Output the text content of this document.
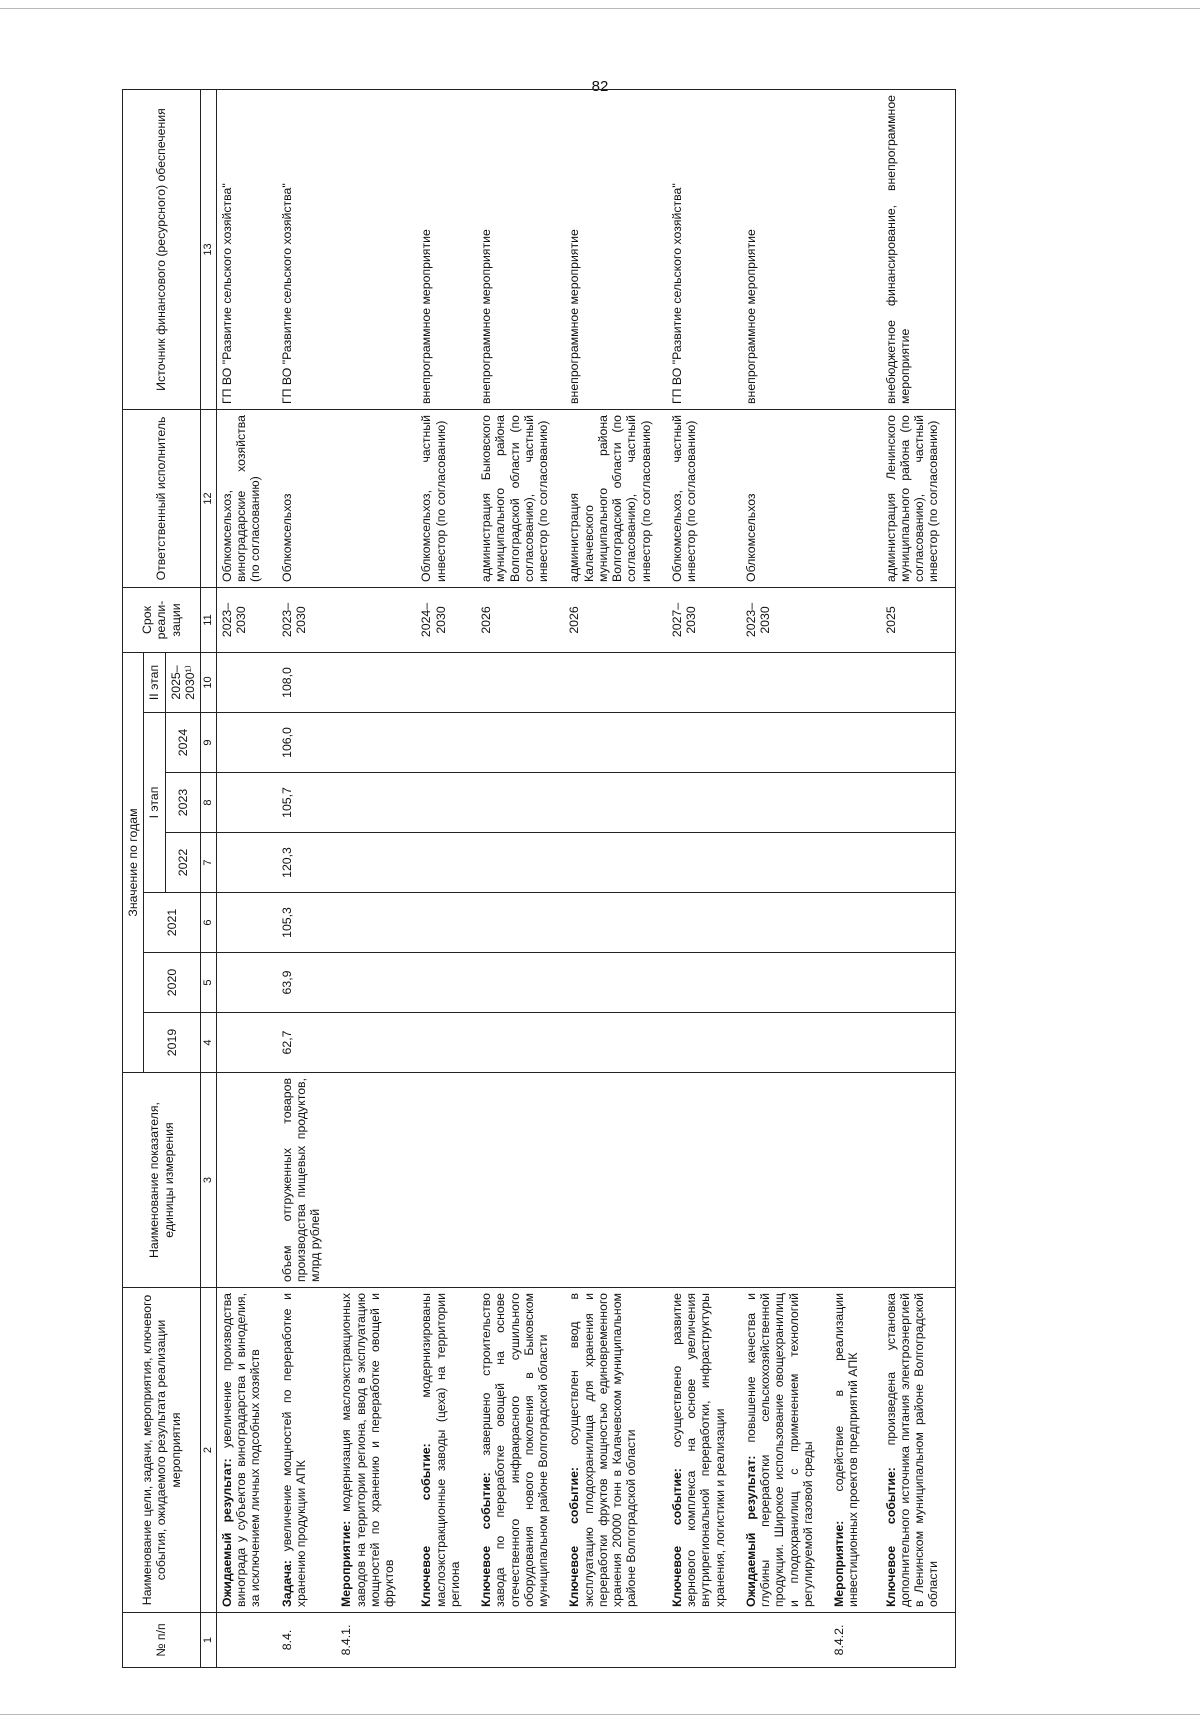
82
№ п/п	Наименование цели, задачи, мероприятия, ключевого события, ожидаемого результата реализации мероприятия	Наименование показателя, единицы измерения	Значение по годам							Срок реали-зации	Ответственный исполнитель	Источник финансового (ресурсного) обеспечения
			2019	2020	2021	I этап			II этап			
						2022	2023	2024	2025–2030¹⁾			
1	2	3	4	5	6	7	8	9	10	11	12	13
	Ожидаемый результат: увеличение производства винограда у субъектов виноградарства и виноделия, за исключением личных подсобных хозяйств									2023–2030	Облкомсельхоз, виноградарские хозяйства (по согласованию)	ГП ВО "Развитие сельского хозяйства"
8.4.	Задача: увеличение мощностей по переработке и хранению продукции АПК	объем отгруженных товаров производства пищевых продуктов, млрд рублей	62,7	63,9	105,3	120,3	105,7	106,0	108,0	2023–2030	Облкомсельхоз	ГП ВО "Развитие сельского хозяйства"
8.4.1.	Мероприятие: модернизация маслоэкстракционных заводов на территории региона, ввод в эксплуатацию мощностей по хранению и переработке овощей и фруктов											
	Ключевое событие: модернизированы маслоэкстракционные заводы (цеха) на территории региона									2024–2030	Облкомсельхоз, частный инвестор (по согласованию)	внепрограммное мероприятие
	Ключевое событие: завершено строительство завода по переработке овощей на основе отечественного инфракрасного сушильного оборудования нового поколения в Быковском муниципальном районе Волгоградской области									2026	администрация Быковского муниципального района Волгоградской области (по согласованию), частный инвестор (по согласованию)	внепрограммное мероприятие
	Ключевое событие: осуществлен ввод в эксплуатацию плодохранилища для хранения и переработки фруктов мощностью единовременного хранения 20000 тонн в Калачевском муниципальном районе Волгоградской области									2026	администрация Калачевского муниципального района Волгоградской области (по согласованию), частный инвестор (по согласованию)	внепрограммное мероприятие
	Ключевое событие: осуществлено развитие зернового комплекса на основе увеличения внутрирегиональной переработки, инфраструктуры хранения, логистики и реализации									2027–2030	Облкомсельхоз, частный инвестор (по согласованию)	ГП ВО "Развитие сельского хозяйства"
	Ожидаемый результат: повышение качества и глубины переработки сельскохозяйственной продукции. Широкое использование овощехранилищ и плодохранилищ с применением технологий регулируемой газовой среды									2023–2030	Облкомсельхоз	внепрограммное мероприятие
8.4.2.	Мероприятие: содействие в реализации инвестиционных проектов предприятий АПК											
	Ключевое событие: произведена установка дополнительного источника питания электроэнергией в Ленинском муниципальном районе Волгоградской области									2025	администрация Ленинского муниципального района (по согласованию), частный инвестор (по согласованию)	внебюджетное финансирование, внепрограммное мероприятие
